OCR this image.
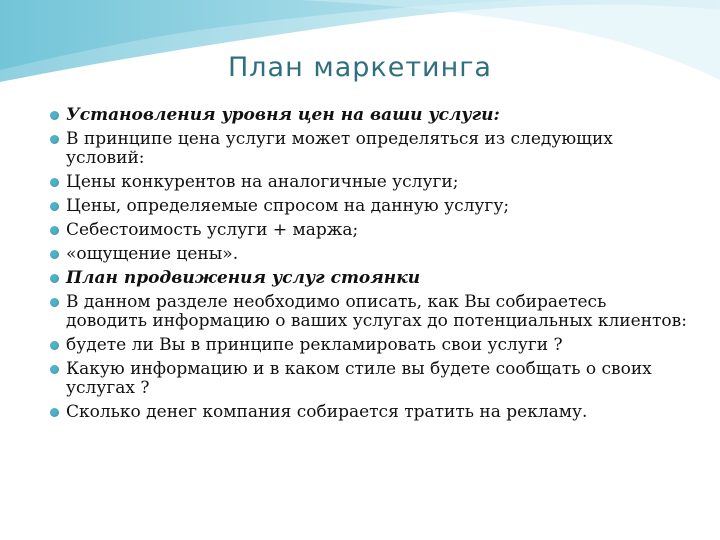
План маркетинга
Установления уровня цен на ваши услуги:
В принципе цена услуги может определяться из следующих условий:
Цены конкурентов на аналогичные услуги;
Цены, определяемые спросом на данную услугу;
Себестоимость услуги + маржа;
«ощущение цены».
План продвижения услуг стоянки
В данном разделе необходимо описать, как Вы собираетесь доводить информацию о ваших услугах до потенциальных клиентов:
будете ли Вы в принципе рекламировать свои услуги ?
Какую информацию и в каком стиле вы будете сообщать о своих услугах ?
Сколько денег компания собирается тратить на рекламу.
